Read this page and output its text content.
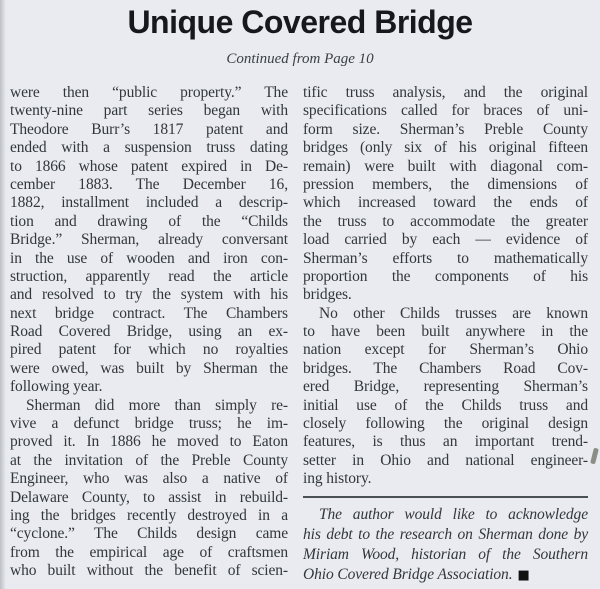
Unique Covered Bridge
Continued from Page 10
were then “public property.” The
twenty-nine part series began with
Theodore Burr’s 1817 patent and
ended with a suspension truss dating
to 1866 whose patent expired in De-
cember 1883. The December 16,
1882, installment included a descrip-
tion and drawing of the “Childs
Bridge.” Sherman, already conversant
in the use of wooden and iron con-
struction, apparently read the article
and resolved to try the system with his
next bridge contract. The Chambers
Road Covered Bridge, using an ex-
pired patent for which no royalties
were owed, was built by Sherman the
following year.
Sherman did more than simply re-
vive a defunct bridge truss; he im-
proved it. In 1886 he moved to Eaton
at the invitation of the Preble County
Engineer, who was also a native of
Delaware County, to assist in rebuild-
ing the bridges recently destroyed in a
“cyclone.” The Childs design came
from the empirical age of craftsmen
who built without the benefit of scien-
tific truss analysis, and the original
specifications called for braces of uni-
form size. Sherman’s Preble County
bridges (only six of his original fifteen
remain) were built with diagonal com-
pression members, the dimensions of
which increased toward the ends of
the truss to accommodate the greater
load carried by each — evidence of
Sherman’s efforts to mathematically
proportion the components of his
bridges.
No other Childs trusses are known
to have been built anywhere in the
nation except for Sherman’s Ohio
bridges. The Chambers Road Cov-
ered Bridge, representing Sherman’s
initial use of the Childs truss and
closely following the original design
features, is thus an important trend-
setter in Ohio and national engineer-
ing history.
The author would like to acknowledge
his debt to the research on Sherman done by
Miriam Wood, historian of the Southern
Ohio Covered Bridge Association. ■
